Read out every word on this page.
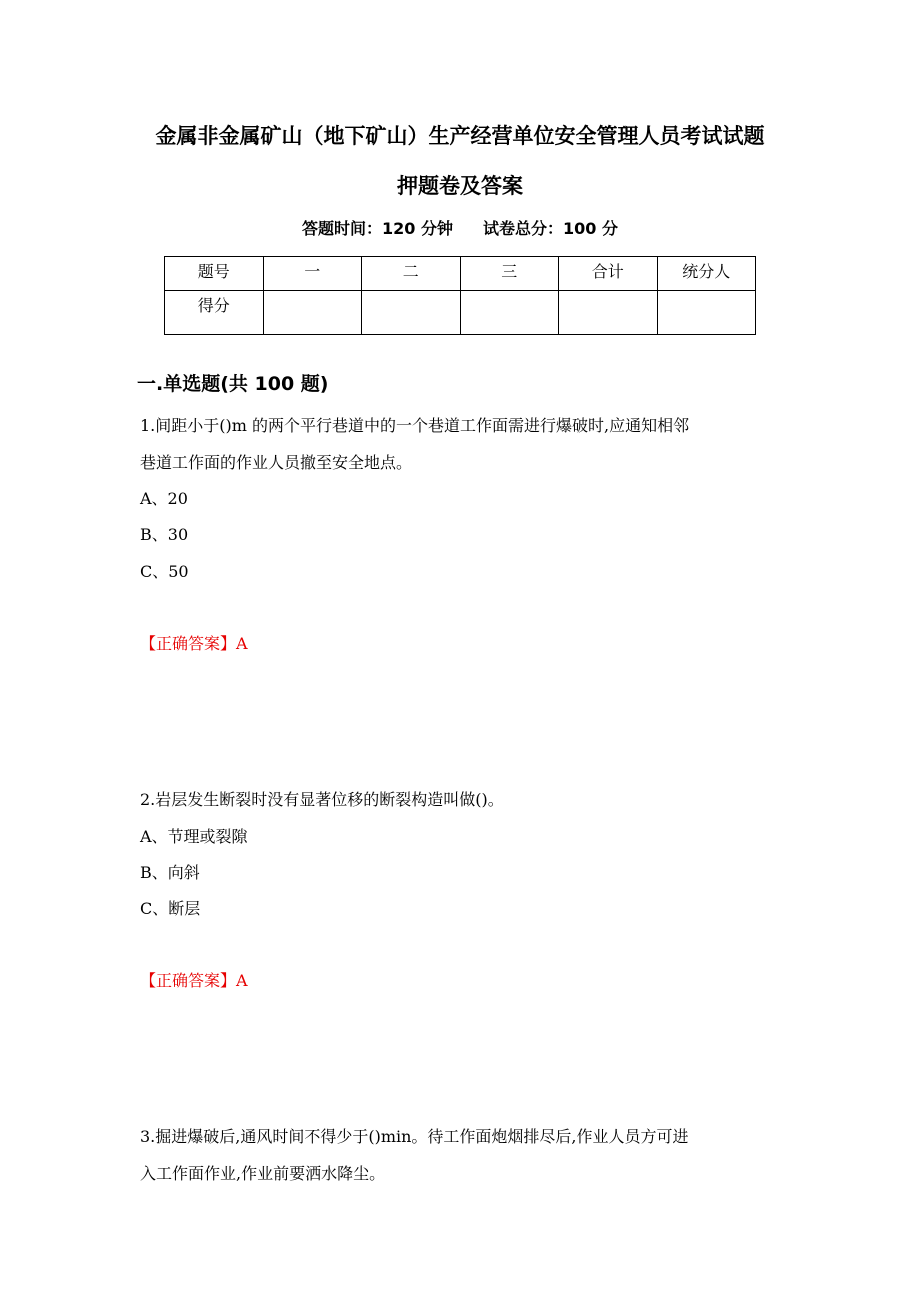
金属非金属矿山（地下矿山）生产经营单位安全管理人员考试试题
押题卷及答案
答题时间：120 分钟 试卷总分：100 分
题号	一	二	三	合计	统分人
得分					
一.单选题(共 100 题)
1.间距小于()m 的两个平行巷道中的一个巷道工作面需进行爆破时,应通知相邻
巷道工作面的作业人员撤至安全地点。
A、20
B、30
C、50
【正确答案】A
2.岩层发生断裂时没有显著位移的断裂构造叫做()。
A、节理或裂隙
B、向斜
C、断层
【正确答案】A
3.掘进爆破后,通风时间不得少于()min。待工作面炮烟排尽后,作业人员方可进
入工作面作业,作业前要洒水降尘。
